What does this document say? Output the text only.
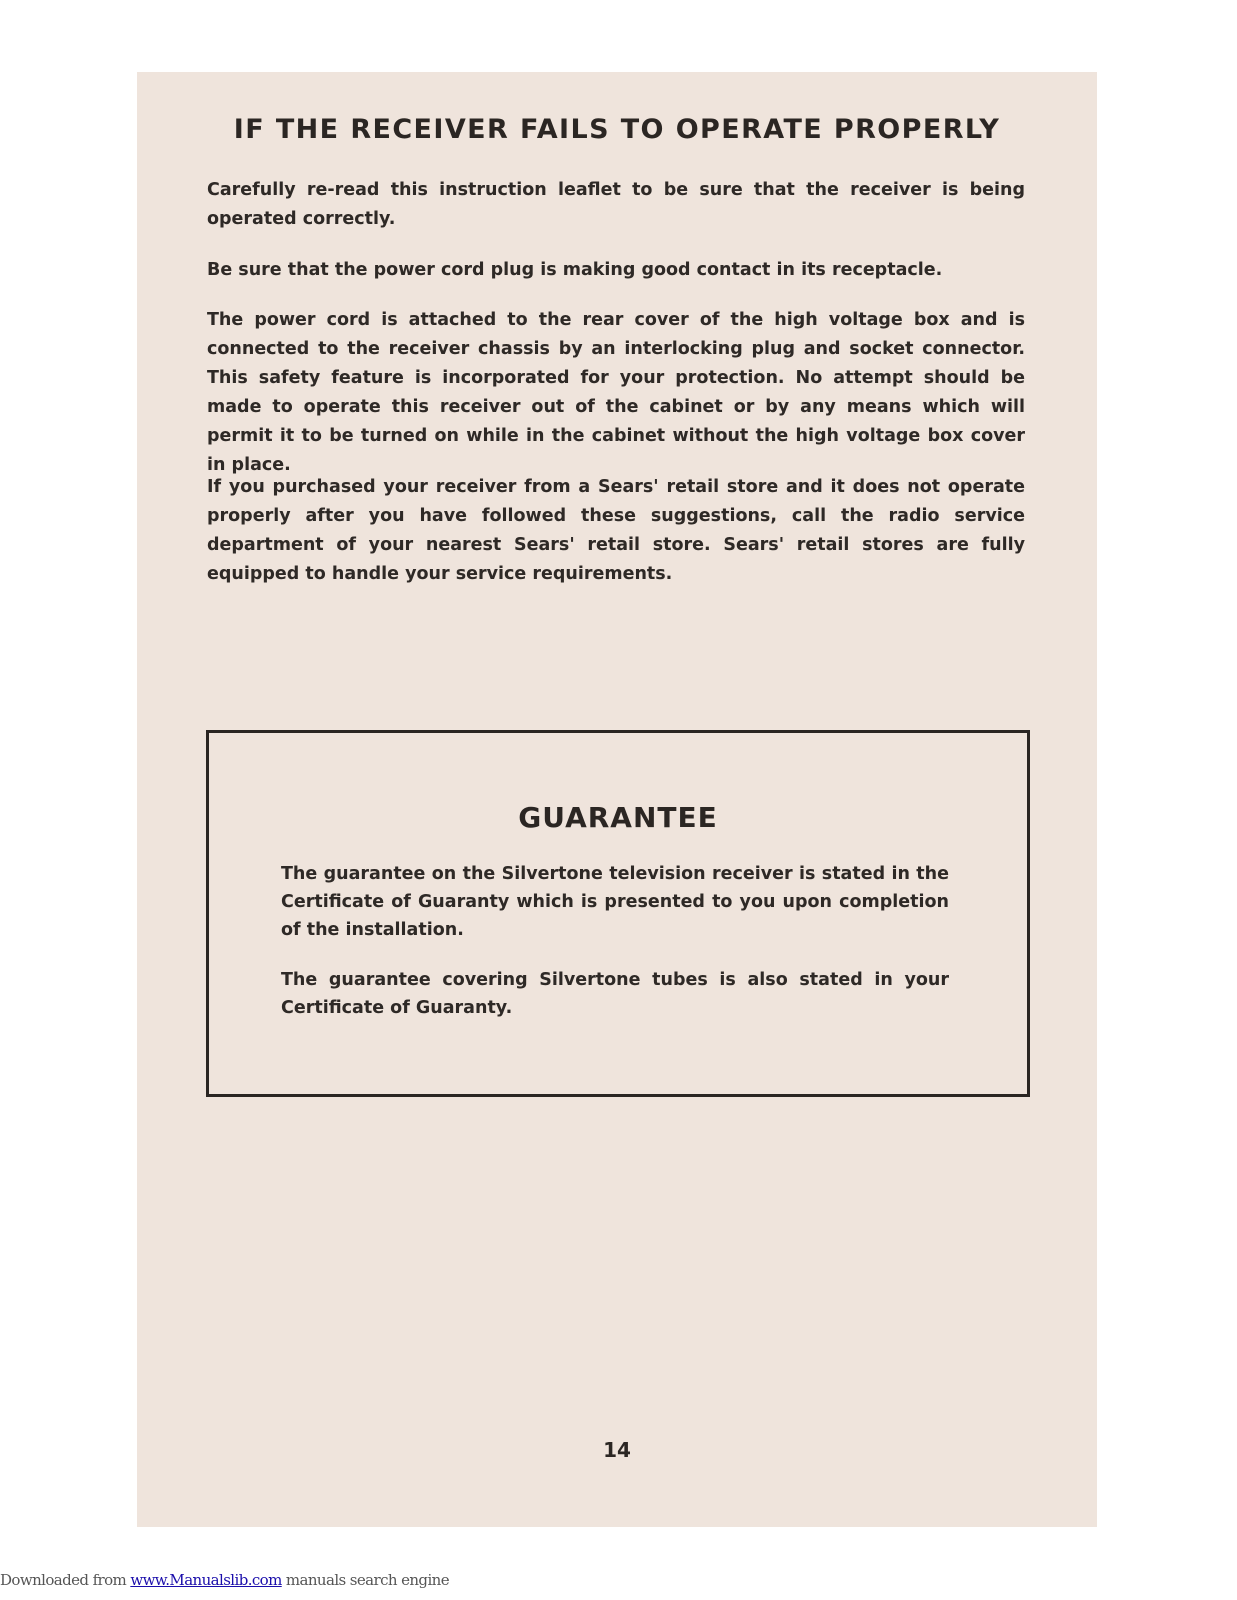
IF THE RECEIVER FAILS TO OPERATE PROPERLY

Carefully re-read this instruction leaflet to be sure that the receiver is being operated correctly.

Be sure that the power cord plug is making good contact in its receptacle.

The power cord is attached to the rear cover of the high voltage box and is connected to the receiver chassis by an interlocking plug and socket connector. This safety feature is incorporated for your protection. No attempt should be made to operate this receiver out of the cabinet or by any means which will permit it to be turned on while in the cabinet without the high voltage box cover in place.

If you purchased your receiver from a Sears' retail store and it does not operate properly after you have followed these suggestions, call the radio service department of your nearest Sears' retail store. Sears' retail stores are fully equipped to handle your service requirements.

GUARANTEE

The guarantee on the Silvertone television receiver is stated in the Certificate of Guaranty which is presented to you upon completion of the installation.

The guarantee covering Silvertone tubes is also stated in your Certificate of Guaranty.

14
Downloaded from www.Manualslib.com manuals search engine
